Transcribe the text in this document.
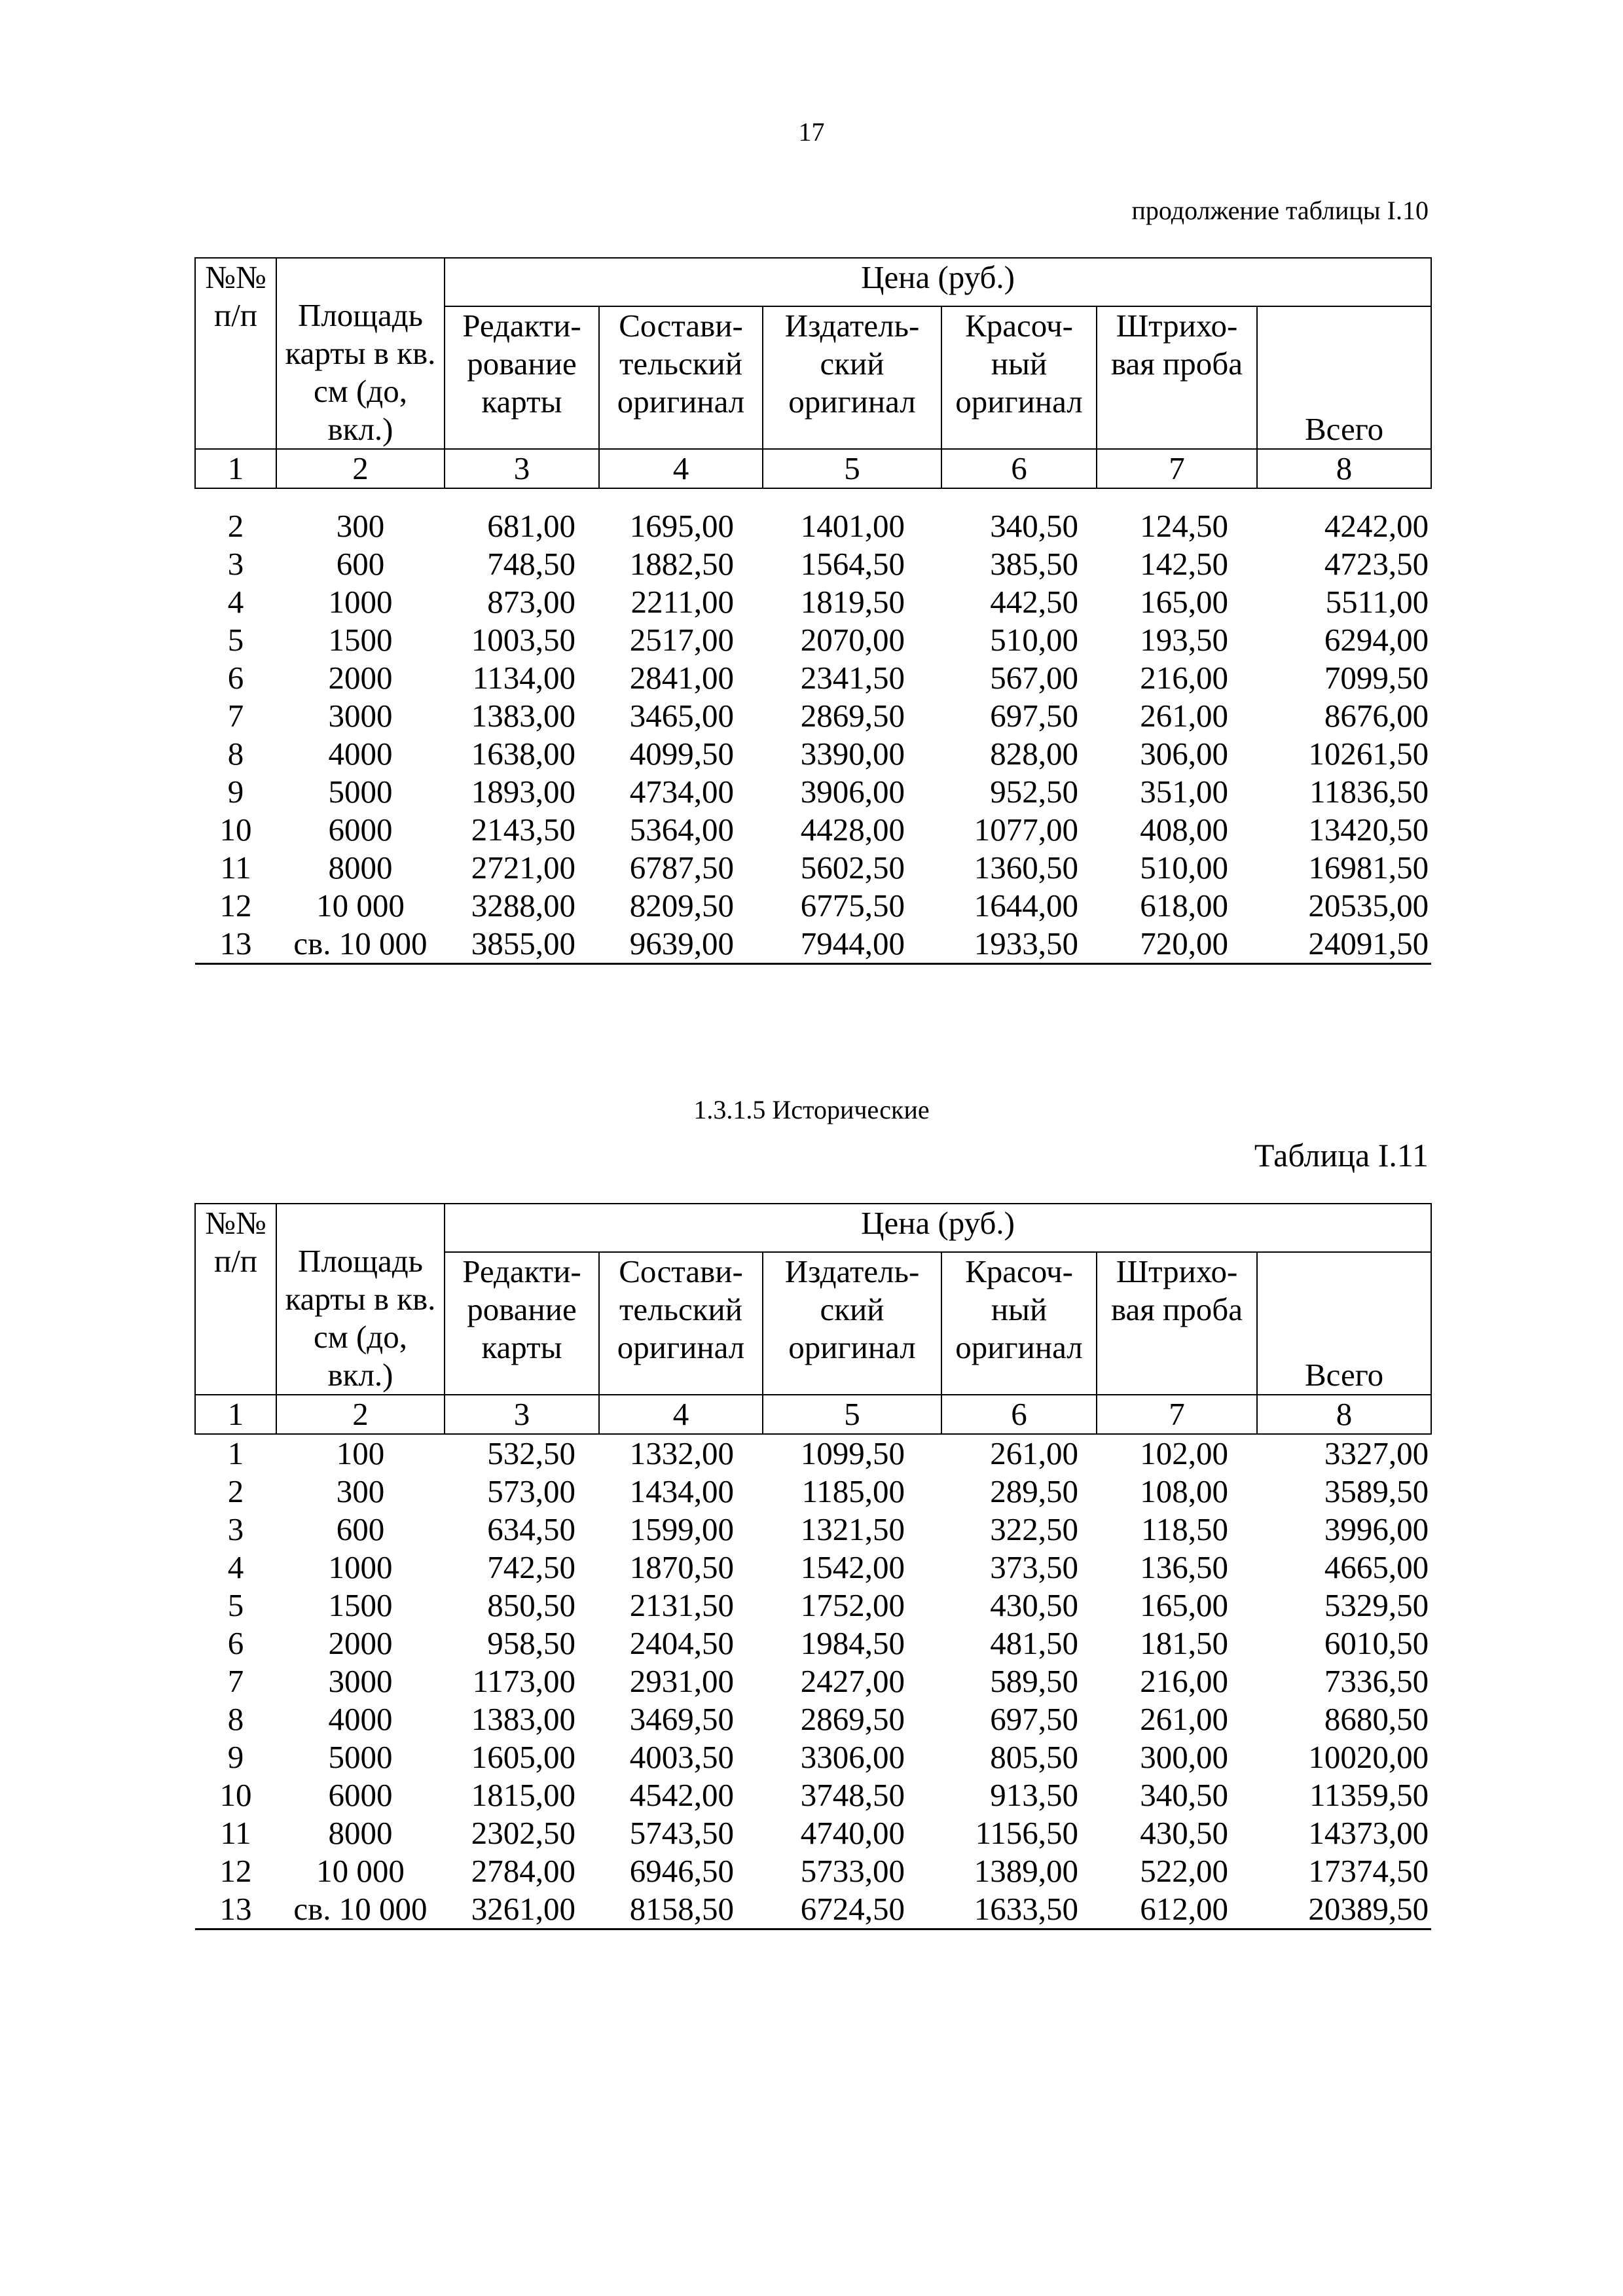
17
продолжение таблицы I.10
№№ п/п	Площадь карты в кв. см (до, вкл.)	Цена (руб.)					
		Редакти- рование карты	Состави- тельский оригинал	Издатель- ский оригинал	Красоч- ный оригинал	Штрихо- вая проба	Всего
1	2	3	4	5	6	7	8
2	300	681,00	1695,00	1401,00	340,50	124,50	4242,00
3	600	748,50	1882,50	1564,50	385,50	142,50	4723,50
4	1000	873,00	2211,00	1819,50	442,50	165,00	5511,00
5	1500	1003,50	2517,00	2070,00	510,00	193,50	6294,00
6	2000	1134,00	2841,00	2341,50	567,00	216,00	7099,50
7	3000	1383,00	3465,00	2869,50	697,50	261,00	8676,00
8	4000	1638,00	4099,50	3390,00	828,00	306,00	10261,50
9	5000	1893,00	4734,00	3906,00	952,50	351,00	11836,50
10	6000	2143,50	5364,00	4428,00	1077,00	408,00	13420,50
11	8000	2721,00	6787,50	5602,50	1360,50	510,00	16981,50
12	10 000	3288,00	8209,50	6775,50	1644,00	618,00	20535,00
13	св. 10 000	3855,00	9639,00	7944,00	1933,50	720,00	24091,50
1.3.1.5 Исторические
Таблица I.11
№№ п/п	Площадь карты в кв. см (до, вкл.)	Цена (руб.)					
		Редакти- рование карты	Состави- тельский оригинал	Издатель- ский оригинал	Красоч- ный оригинал	Штрихо- вая проба	Всего
1	2	3	4	5	6	7	8
1	100	532,50	1332,00	1099,50	261,00	102,00	3327,00
2	300	573,00	1434,00	1185,00	289,50	108,00	3589,50
3	600	634,50	1599,00	1321,50	322,50	118,50	3996,00
4	1000	742,50	1870,50	1542,00	373,50	136,50	4665,00
5	1500	850,50	2131,50	1752,00	430,50	165,00	5329,50
6	2000	958,50	2404,50	1984,50	481,50	181,50	6010,50
7	3000	1173,00	2931,00	2427,00	589,50	216,00	7336,50
8	4000	1383,00	3469,50	2869,50	697,50	261,00	8680,50
9	5000	1605,00	4003,50	3306,00	805,50	300,00	10020,00
10	6000	1815,00	4542,00	3748,50	913,50	340,50	11359,50
11	8000	2302,50	5743,50	4740,00	1156,50	430,50	14373,00
12	10 000	2784,00	6946,50	5733,00	1389,00	522,00	17374,50
13	св. 10 000	3261,00	8158,50	6724,50	1633,50	612,00	20389,50
